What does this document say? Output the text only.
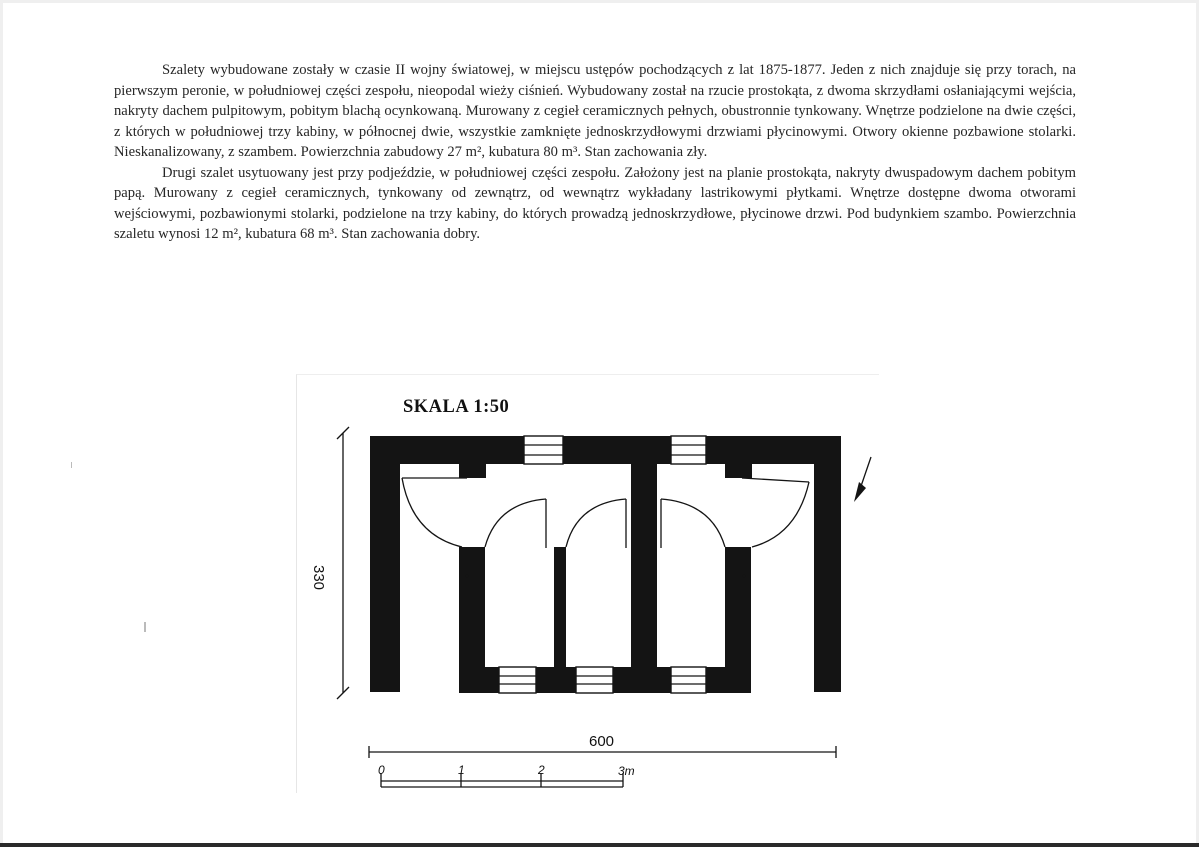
Szalety wybudowane zostały w czasie II wojny światowej, w miejscu ustępów pochodzących z lat 1875-1877. Jeden z nich znajduje się przy torach, na pierwszym peronie, w południowej części zespołu, nieopodal wieży ciśnień. Wybudowany został na rzucie prostokąta, z dwoma skrzydłami osłaniającymi wejścia, nakryty dachem pulpitowym, pobitym blachą ocynkowaną. Murowany z cegieł ceramicznych pełnych, obustronnie tynkowany. Wnętrze podzielone na dwie części, z których w południowej trzy kabiny, w północnej dwie, wszystkie zamknięte jednoskrzydłowymi drzwiami płycinowymi. Otwory okienne pozbawione stolarki. Nieskanalizowany, z szambem. Powierzchnia zabudowy 27 m², kubatura 80 m³. Stan zachowania zły.

Drugi szalet usytuowany jest przy podjeździe, w południowej części zespołu. Założony jest na planie prostokąta, nakryty dwuspadowym dachem pobitym papą. Murowany z cegieł ceramicznych, tynkowany od zewnątrz, od wewnątrz wykładany lastrikowymi płytkami. Wnętrze dostępne dwoma otworami wejściowymi, pozbawionymi stolarki, podzielone na trzy kabiny, do których prowadzą jednoskrzydłowe, płycinowe drzwi. Pod budynkiem szambo. Powierzchnia szaletu wynosi 12 m², kubatura 68 m³. Stan zachowania dobry.

SKALA 1:50
330
600
0	1	2	3m
